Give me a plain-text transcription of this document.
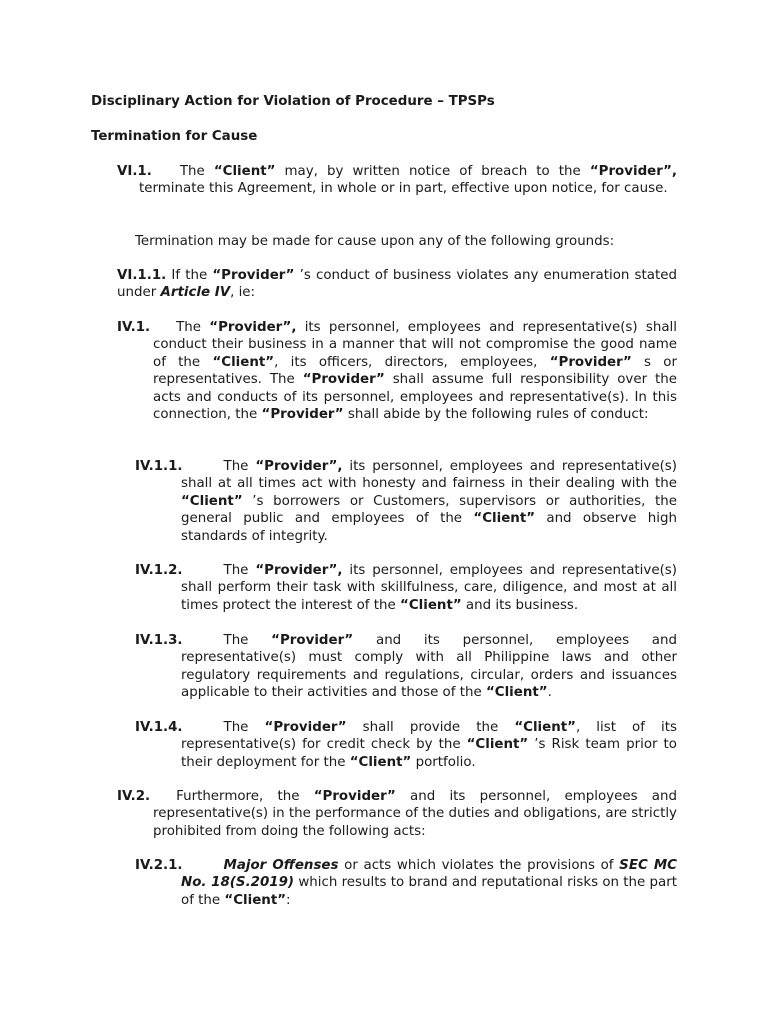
Disciplinary Action for Violation of Procedure – TPSPs

Termination for Cause

VI.1. The “Client” may, by written notice of breach to the “Provider”, terminate this Agreement, in whole or in part, effective upon notice, for cause.

Termination may be made for cause upon any of the following grounds:

VI.1.1. If the “Provider” ’s conduct of business violates any enumeration stated under Article IV, ie:

IV.1. The “Provider”, its personnel, employees and representative(s) shall conduct their business in a manner that will not compromise the good name of the “Client”, its officers, directors, employees, “Provider” s or representatives. The “Provider” shall assume full responsibility over the acts and conducts of its personnel, employees and representative(s). In this connection, the “Provider” shall abide by the following rules of conduct:

IV.1.1.	The “Provider”, its personnel, employees and representative(s) shall at all times act with honesty and fairness in their dealing with the “Client” ’s borrowers or Customers, supervisors or authorities, the general public and employees of the “Client” and observe high standards of integrity.

IV.1.2.	The “Provider”, its personnel, employees and representative(s) shall perform their task with skillfulness, care, diligence, and most at all times protect the interest of the “Client” and its business.

IV.1.3.	The “Provider” and its personnel, employees and representative(s) must comply with all Philippine laws and other regulatory requirements and regulations, circular, orders and issuances applicable to their activities and those of the “Client”.

IV.1.4.	The “Provider” shall provide the “Client”, list of its representative(s) for credit check by the “Client” ’s Risk team prior to their deployment for the “Client” portfolio.

IV.2. Furthermore, the “Provider” and its personnel, employees and representative(s) in the performance of the duties and obligations, are strictly prohibited from doing the following acts:

IV.2.1.	Major Offenses or acts which violates the provisions of SEC MC No. 18(S.2019) which results to brand and reputational risks on the part of the “Client”:
